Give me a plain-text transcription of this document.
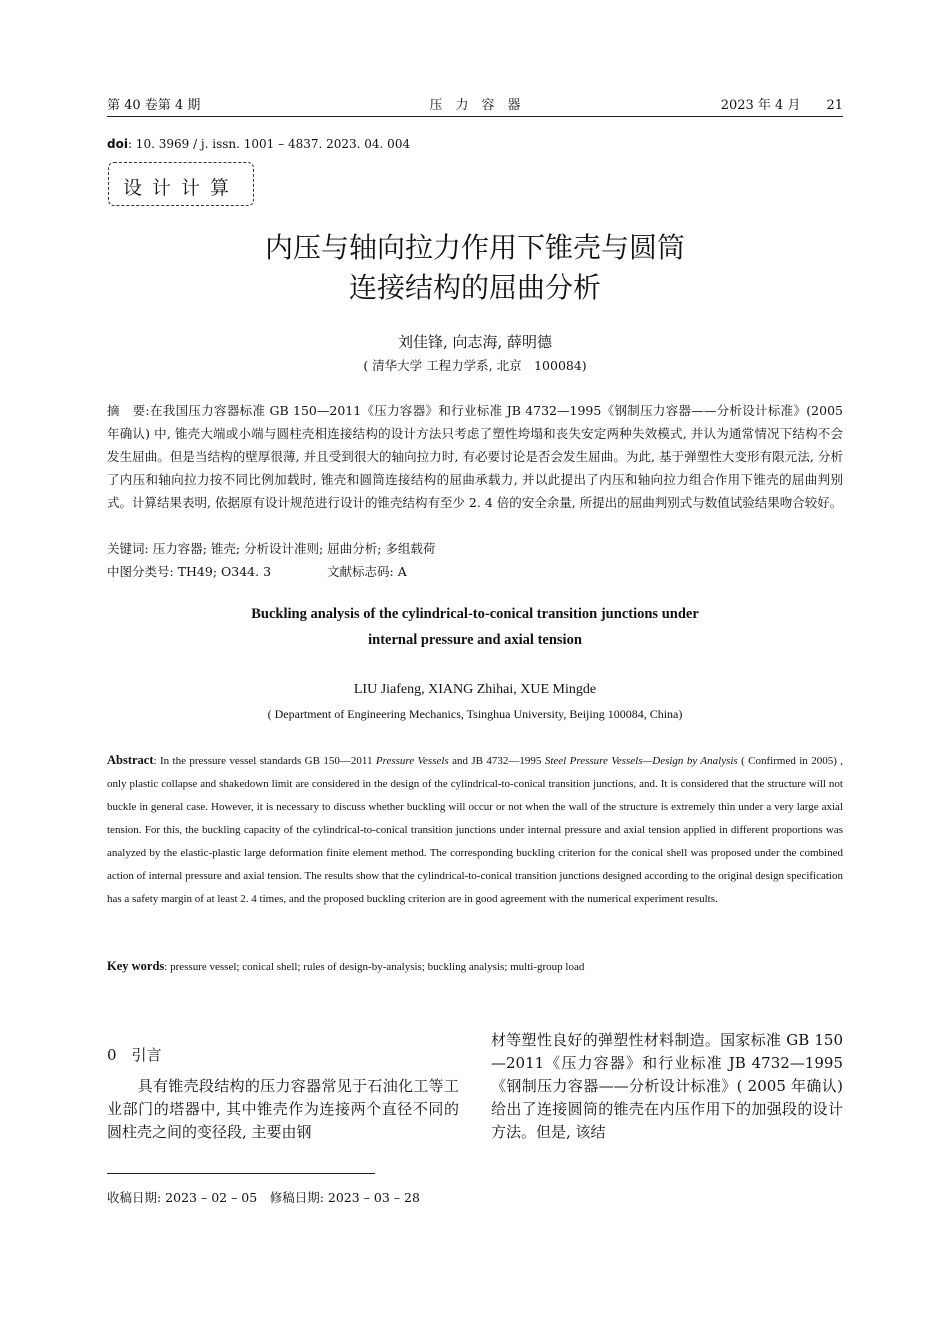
第 40 卷第 4 期	压　力　容　器	2023 年 4 月　　21
doi: 10. 3969 / j. issn. 1001 – 4837. 2023. 04. 004
设计计算
内压与轴向拉力作用下锥壳与圆筒
连接结构的屈曲分析
刘佳锋, 向志海, 薛明德
( 清华大学 工程力学系, 北京　100084)
摘　要:在我国压力容器标准 GB 150—2011《压力容器》和行业标准 JB 4732—1995《钢制压力容器——分析设计标准》(2005 年确认) 中, 锥壳大端或小端与圆柱壳相连接结构的设计方法只考虑了塑性垮塌和丧失安定两种失效模式, 并认为通常情况下结构不会发生屈曲。但是当结构的壁厚很薄, 并且受到很大的轴向拉力时, 有必要讨论是否会发生屈曲。为此, 基于弹塑性大变形有限元法, 分析了内压和轴向拉力按不同比例加载时, 锥壳和圆筒连接结构的屈曲承载力, 并以此提出了内压和轴向拉力组合作用下锥壳的屈曲判别式。计算结果表明, 依据原有设计规范进行设计的锥壳结构有至少 2. 4 倍的安全余量, 所提出的屈曲判别式与数值试验结果吻合较好。
关键词: 压力容器; 锥壳; 分析设计准则; 屈曲分析; 多组载荷
中图分类号: TH49; O344. 3	文献标志码: A
Buckling analysis of the cylindrical-to-conical transition junctions under
internal pressure and axial tension
LIU Jiafeng, XIANG Zhihai, XUE Mingde
( Department of Engineering Mechanics, Tsinghua University, Beijing 100084, China)
Abstract: In the pressure vessel standards GB 150—2011 Pressure Vessels and JB 4732—1995 Steel Pressure Vessels—Design by Analysis ( Confirmed in 2005) , only plastic collapse and shakedown limit are considered in the design of the cylindrical-to-conical transition junctions, and. It is considered that the structure will not buckle in general case. However, it is necessary to discuss whether buckling will occur or not when the wall of the structure is extremely thin under a very large axial tension. For this, the buckling capacity of the cylindrical-to-conical transition junctions under internal pressure and axial tension applied in different proportions was analyzed by the elastic-plastic large deformation finite element method. The corresponding buckling criterion for the conical shell was proposed under the combined action of internal pressure and axial tension. The results show that the cylindrical-to-conical transition junctions designed according to the original design specification has a safety margin of at least 2. 4 times, and the proposed buckling criterion are in good agreement with the numerical experiment results.
Key words: pressure vessel; conical shell; rules of design-by-analysis; buckling analysis; multi-group load
0　引言
　　具有锥壳段结构的压力容器常见于石油化工等工业部门的塔器中, 其中锥壳作为连接两个直径不同的圆柱壳之间的变径段, 主要由钢
材等塑性良好的弹塑性材料制造。国家标准 GB 150—2011《压力容器》和行业标准 JB 4732—1995《钢制压力容器——分析设计标准》( 2005 年确认) 给出了连接圆筒的锥壳在内压作用下的加强段的设计方法。但是, 该结
收稿日期: 2023 – 02 – 05　修稿日期: 2023 – 03 – 28
